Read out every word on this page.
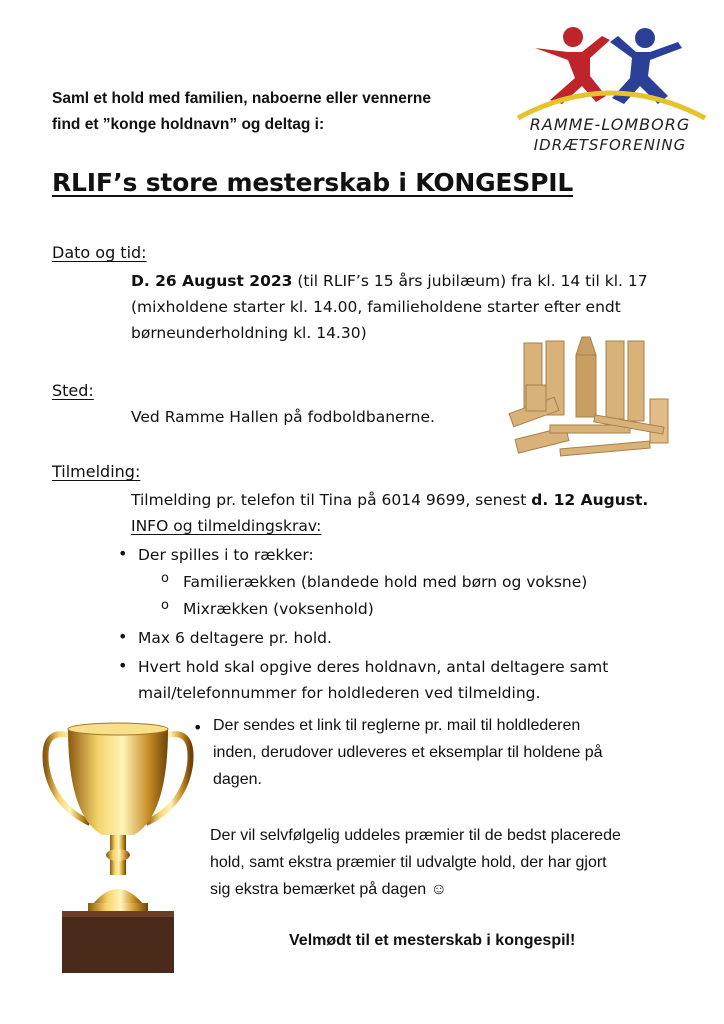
RAMME-LOMBORG
IDRÆTSFORENING
Saml et hold med familien, naboerne eller vennerne
find et ”konge holdnavn” og deltag i:
RLIF’s store mesterskab i KONGESPIL
Dato og tid:
D. 26 August 2023 (til RLIF’s 15 års jubilæum) fra kl. 14 til kl. 17
(mixholdene starter kl. 14.00, familieholdene starter efter endt
børneunderholdning kl. 14.30)
Sted:
Ved Ramme Hallen på fodboldbanerne.
Tilmelding:
Tilmelding pr. telefon til Tina på 6014 9699, senest d. 12 August.
INFO og tilmeldingskrav:
• Der spilles i to rækker:
o Familierækken (blandede hold med børn og voksne)
o Mixrækken (voksenhold)
• Max 6 deltagere pr. hold.
• Hvert hold skal opgive deres holdnavn, antal deltagere samt
mail/telefonnummer for holdlederen ved tilmelding.
• Der sendes et link til reglerne pr. mail til holdlederen
inden, derudover udleveres et eksemplar til holdene på
dagen.
Der vil selvfølgelig uddeles præmier til de bedst placerede
hold, samt ekstra præmier til udvalgte hold, der har gjort
sig ekstra bemærket på dagen ☺
Velmødt til et mesterskab i kongespil!
